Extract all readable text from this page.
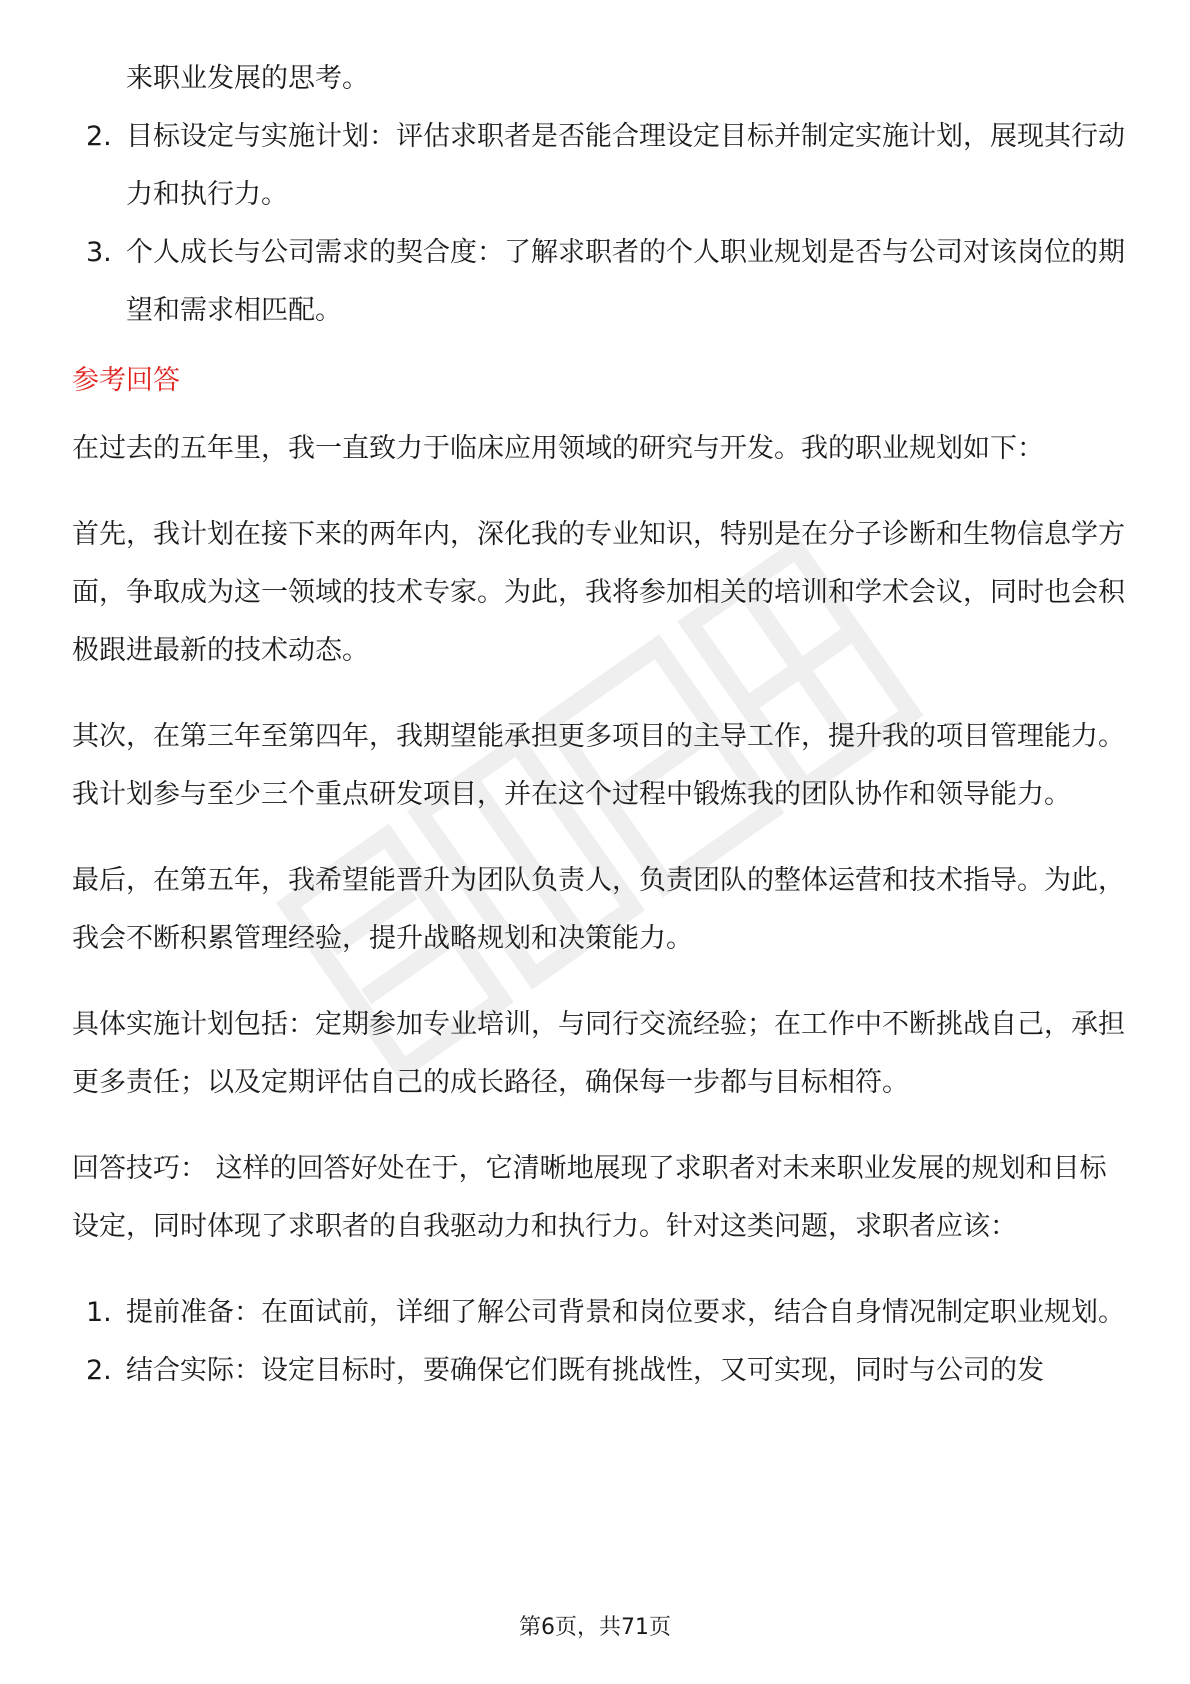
来职业发展的思考。
2. 目标设定与实施计划：评估求职者是否能合理设定目标并制定实施计划，展现其行动力和执行力。
3. 个人成长与公司需求的契合度：了解求职者的个人职业规划是否与公司对该岗位的期望和需求相匹配。
参考回答

在过去的五年里，我一直致力于临床应用领域的研究与开发。我的职业规划如下：

首先，我计划在接下来的两年内，深化我的专业知识，特别是在分子诊断和生物信息学方面，争取成为这一领域的技术专家。为此，我将参加相关的培训和学术会议，同时也会积极跟进最新的技术动态。

其次，在第三年至第四年，我期望能承担更多项目的主导工作，提升我的项目管理能力。我计划参与至少三个重点研发项目，并在这个过程中锻炼我的团队协作和领导能力。

最后，在第五年，我希望能晋升为团队负责人，负责团队的整体运营和技术指导。为此，我会不断积累管理经验，提升战略规划和决策能力。

具体实施计划包括：定期参加专业培训，与同行交流经验；在工作中不断挑战自己，承担更多责任；以及定期评估自己的成长路径，确保每一步都与目标相符。

回答技巧： 这样的回答好处在于，它清晰地展现了求职者对未来职业发展的规划和目标设定，同时体现了求职者的自我驱动力和执行力。针对这类问题，求职者应该：

1. 提前准备：在面试前，详细了解公司背景和岗位要求，结合自身情况制定职业规划。
2. 结合实际：设定目标时，要确保它们既有挑战性，又可实现，同时与公司的发
第6页，共71页
